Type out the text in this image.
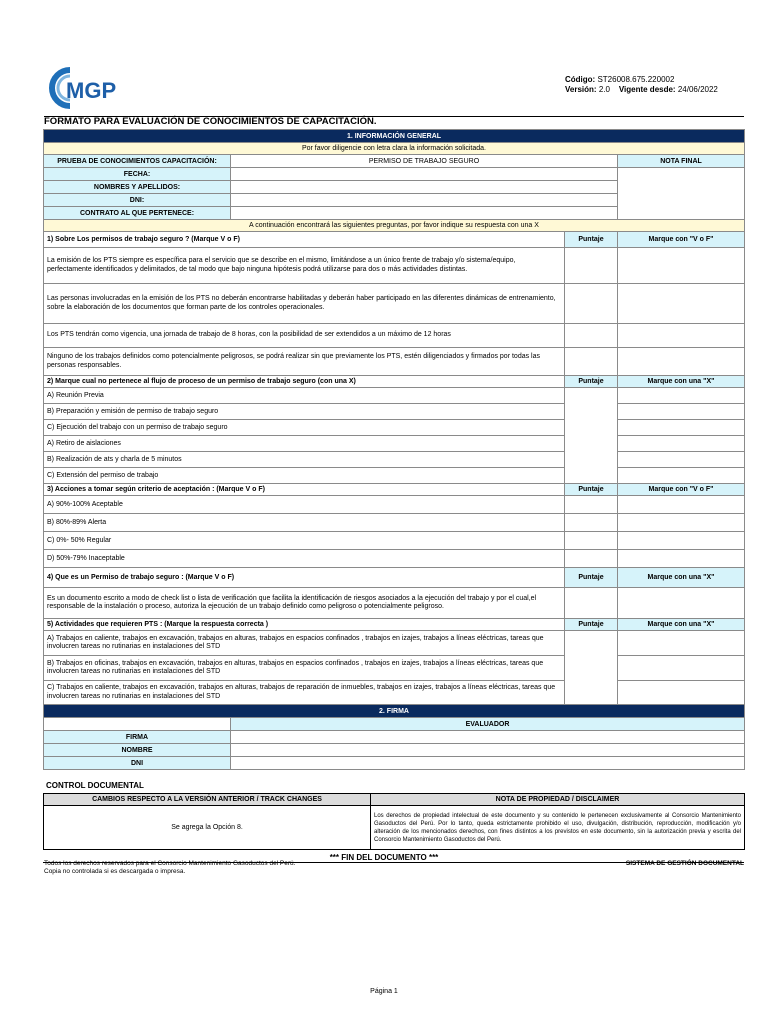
MGP	Código: ST26008.675.220002
Versión: 2.0 Vigente desde: 24/06/2022
FORMATO PARA EVALUACIÓN DE CONOCIMIENTOS DE CAPACITACIÓN.
1. INFORMACIÓN GENERAL			
Por favor diligencie con letra clara la información solicitada.			
PRUEBA DE CONOCIMIENTOS CAPACITACIÓN:	PERMISO DE TRABAJO SEGURO		NOTA FINAL
FECHA:			
NOMBRES Y APELLIDOS:			
DNI:			
CONTRATO AL QUE PERTENECE:			
A continuación encontrará las siguientes preguntas, por favor indique su respuesta con una X			
1) Sobre Los permisos de trabajo seguro ? (Marque V o F)		Puntaje	Marque con "V o F"
La emisión de los PTS siempre es específica para el servicio que se describe en el mismo, limitándose a un único frente de trabajo y/o sistema/equipo, perfectamente identificados y delimitados, de tal modo que bajo ninguna hipótesis podrá utilizarse para dos o más actividades distintas.			
Las personas involucradas en la emisión de los PTS no deberán encontrarse habilitadas y deberán haber participado en las diferentes dinámicas de entrenamiento, sobre la elaboración de los documentos que forman parte de los controles operacionales.			
Los PTS tendrán como vigencia, una jornada de trabajo de 8 horas, con la posibilidad de ser extendidos a un máximo de 12 horas			
Ninguno de los trabajos definidos como potencialmente peligrosos, se podrá realizar sin que previamente los PTS, estén diligenciados y firmados por todas las personas responsables.			
2) Marque cual no pertenece al flujo de proceso de un permiso de trabajo seguro (con una X)		Puntaje	Marque con una "X"
A) Reunión Previa			
B) Preparación y emisión de permiso de trabajo seguro			
C) Ejecución del trabajo con un permiso de trabajo seguro			
A) Retiro de aislaciones			
B) Realización de ats y charla de 5 minutos			
C) Extensión del permiso de trabajo			
3) Acciones a tomar según criterio de aceptación : (Marque V o F)		Puntaje	Marque con "V o F"
A) 90%-100% Aceptable			
B) 80%-89% Alerta			
C) 0%- 50% Regular			
D) 50%-79% Inaceptable			
4) Que es un Permiso de trabajo seguro : (Marque V o F)		Puntaje	Marque con una "X"
Es un documento escrito a modo de check list o lista de verificación que facilita la identificación de riesgos asociados a la ejecución del trabajo y por el cual,el responsable de la instalación o proceso, autoriza la ejecución de un trabajo definido como peligroso o potencialmente peligroso.			
5) Actividades que requieren PTS : (Marque la respuesta correcta )		Puntaje	Marque con una "X"
A) Trabajos en caliente, trabajos en excavación, trabajos en alturas, trabajos en espacios confinados , trabajos en izajes, trabajos a líneas eléctricas, tareas que involucren tareas no rutinarias en instalaciones del STD			
B) Trabajos en oficinas, trabajos en excavación, trabajos en alturas, trabajos en espacios confinados , trabajos en izajes, trabajos a líneas eléctricas, tareas que involucren tareas no rutinarias en instalaciones del STD			
C) Trabajos en caliente, trabajos en excavación, trabajos en alturas, trabajos de reparación de inmuebles, trabajos en izajes, trabajos a líneas eléctricas, tareas que involucren tareas no rutinarias en instalaciones del STD			
2. FIRMA			
	EVALUADOR		
FIRMA			
NOMBRE			
DNI			
CONTROL DOCUMENTAL
CAMBIOS RESPECTO A LA VERSIÓN ANTERIOR / TRACK CHANGES	NOTA DE PROPIEDAD / DISCLAIMER
Se agrega la Opción 8.	Los derechos de propiedad intelectual de este documento y su contenido le pertenecen exclusivamente al Consorcio Mantenimiento Gasoductos del Perú. Por lo tanto, queda estrictamente prohibido el uso, divulgación, distribución, reproducción, modificación y/o alteración de los mencionados derechos, con fines distintos a los previstos en este documento, sin la autorización previa y escrita del Consorcio Mantenimiento Gasoductos del Perú.
*** FIN DEL DOCUMENTO ***
Todos los derechos reservados para el Consorcio Mantenimiento Gasoductos del Perú.
Copia no controlada si es descargada o impresa.
SISTEMA DE GESTIÓN DOCUMENTAL
Página 1
